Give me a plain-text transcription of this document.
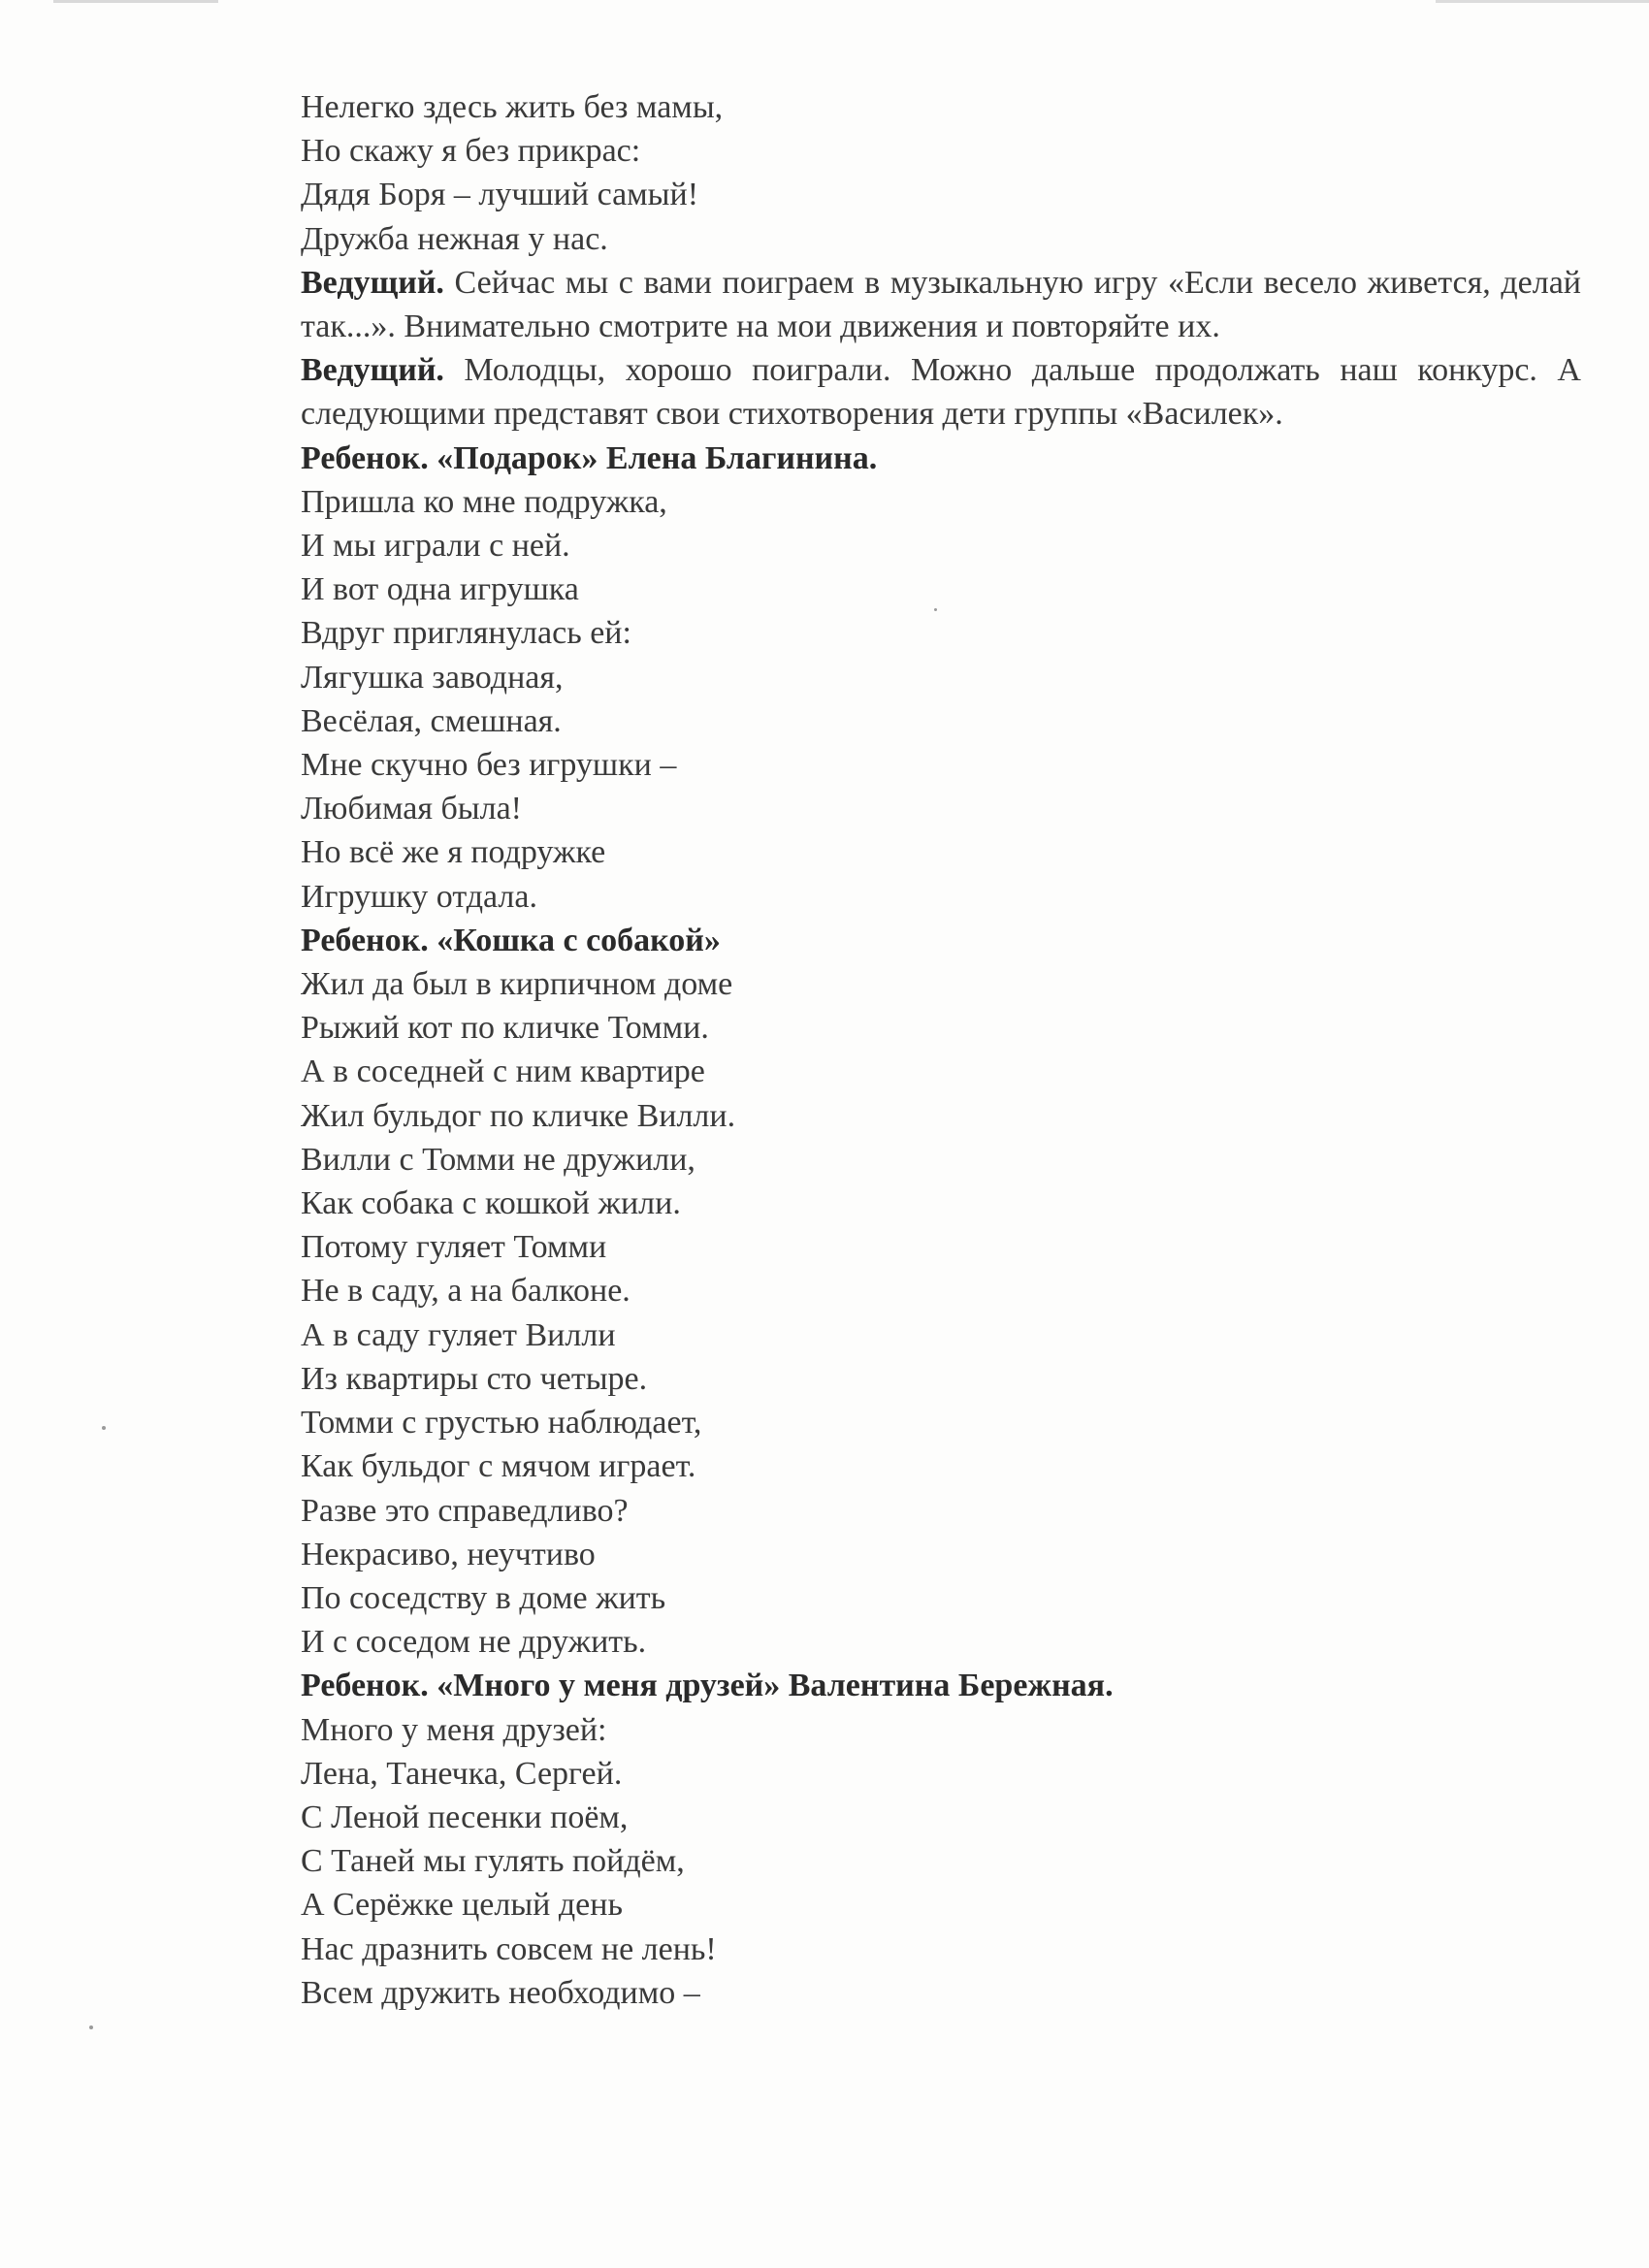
Нелегко здесь жить без мамы,
Но скажу я без прикрас:
Дядя Боря – лучший самый!
Дружба нежная у нас.
Ведущий. Сейчас мы с вами поиграем в музыкальную игру «Если весело живется, делай так...». Внимательно смотрите на мои движения и повторяйте их.
Ведущий. Молодцы, хорошо поиграли. Можно дальше продолжать наш конкурс. А следующими представят свои стихотворения дети группы «Василек».
Ребенок. «Подарок» Елена Благинина.
Пришла ко мне подружка,
И мы играли с ней.
И вот одна игрушка
Вдруг приглянулась ей:
Лягушка заводная,
Весёлая, смешная.
Мне скучно без игрушки –
Любимая была!
Но всё же я подружке
Игрушку отдала.
Ребенок. «Кошка с собакой»
Жил да был в кирпичном доме
Рыжий кот по кличке Томми.
А в соседней с ним квартире
Жил бульдог по кличке Вилли.
Вилли с Томми не дружили,
Как собака с кошкой жили.
Потому гуляет Томми
Не в саду, а на балконе.
А в саду гуляет Вилли
Из квартиры сто четыре.
Томми с грустью наблюдает,
Как бульдог с мячом играет.
Разве это справедливо?
Некрасиво, неучтиво
По соседству в доме жить
И с соседом не дружить.
Ребенок. «Много у меня друзей» Валентина Бережная.
Много у меня друзей:
Лена, Танечка, Сергей.
С Леной песенки поём,
С Таней мы гулять пойдём,
А Серёжке целый день
Нас дразнить совсем не лень!
Всем дружить необходимо –
